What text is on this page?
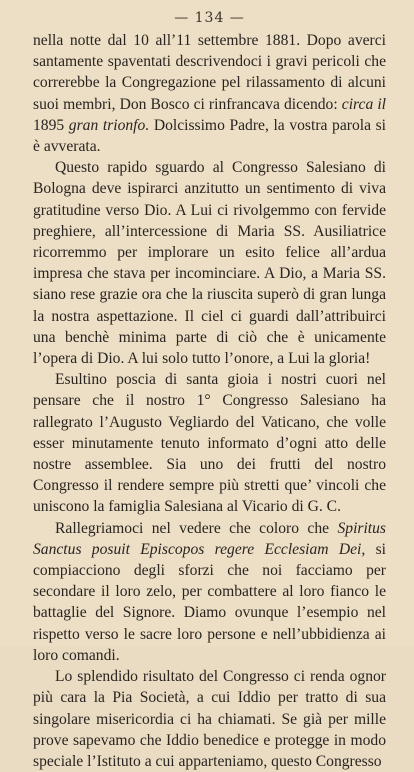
— 134 —

nella notte dal 10 all’11 settembre 1881. Dopo averci santamente spaventati descrivendoci i gravi pericoli che correrebbe la Congregazione pel rilassamento di alcuni suoi membri, Don Bosco ci rinfrancava dicendo: circa il 1895 gran trionfo. Dolcissimo Padre, la vostra parola si è avverata.

Questo rapido sguardo al Congresso Salesiano di Bologna deve ispirarci anzitutto un sentimento di viva gratitudine verso Dio. A Lui ci rivolgemmo con fervide preghiere, all’intercessione di Maria SS. Ausiliatrice ricorremmo per implorare un esito felice all’ardua impresa che stava per incominciare. A Dio, a Maria SS. siano rese grazie ora che la riuscita superò di gran lunga la nostra aspettazione. Il ciel ci guardi dall’attribuirci una benchè minima parte di ciò che è unicamente l’opera di Dio. A lui solo tutto l’onore, a Lui la gloria!

Esultino poscia di santa gioia i nostri cuori nel pensare che il nostro 1° Congresso Salesiano ha rallegrato l’Augusto Vegliardo del Vaticano, che volle esser minutamente tenuto informato d’ogni atto delle nostre assemblee. Sia uno dei frutti del nostro Congresso il rendere sempre più stretti que’ vincoli che uniscono la famiglia Salesiana al Vicario di G. C.

Rallegriamoci nel vedere che coloro che Spiritus Sanctus posuit Episcopos regere Ecclesiam Dei, si compiacciono degli sforzi che noi facciamo per secondare il loro zelo, per combattere al loro fianco le battaglie del Signore. Diamo ovunque l’esempio nel rispetto verso le sacre loro persone e nell’ubbidienza ai loro comandi.

Lo splendido risultato del Congresso ci renda ognor più cara la Pia Società, a cui Iddio per tratto di sua singolare misericordia ci ha chiamati. Se già per mille prove sapevamo che Iddio benedice e protegge in modo speciale l’Istituto a cui apparteniamo, questo Congresso
